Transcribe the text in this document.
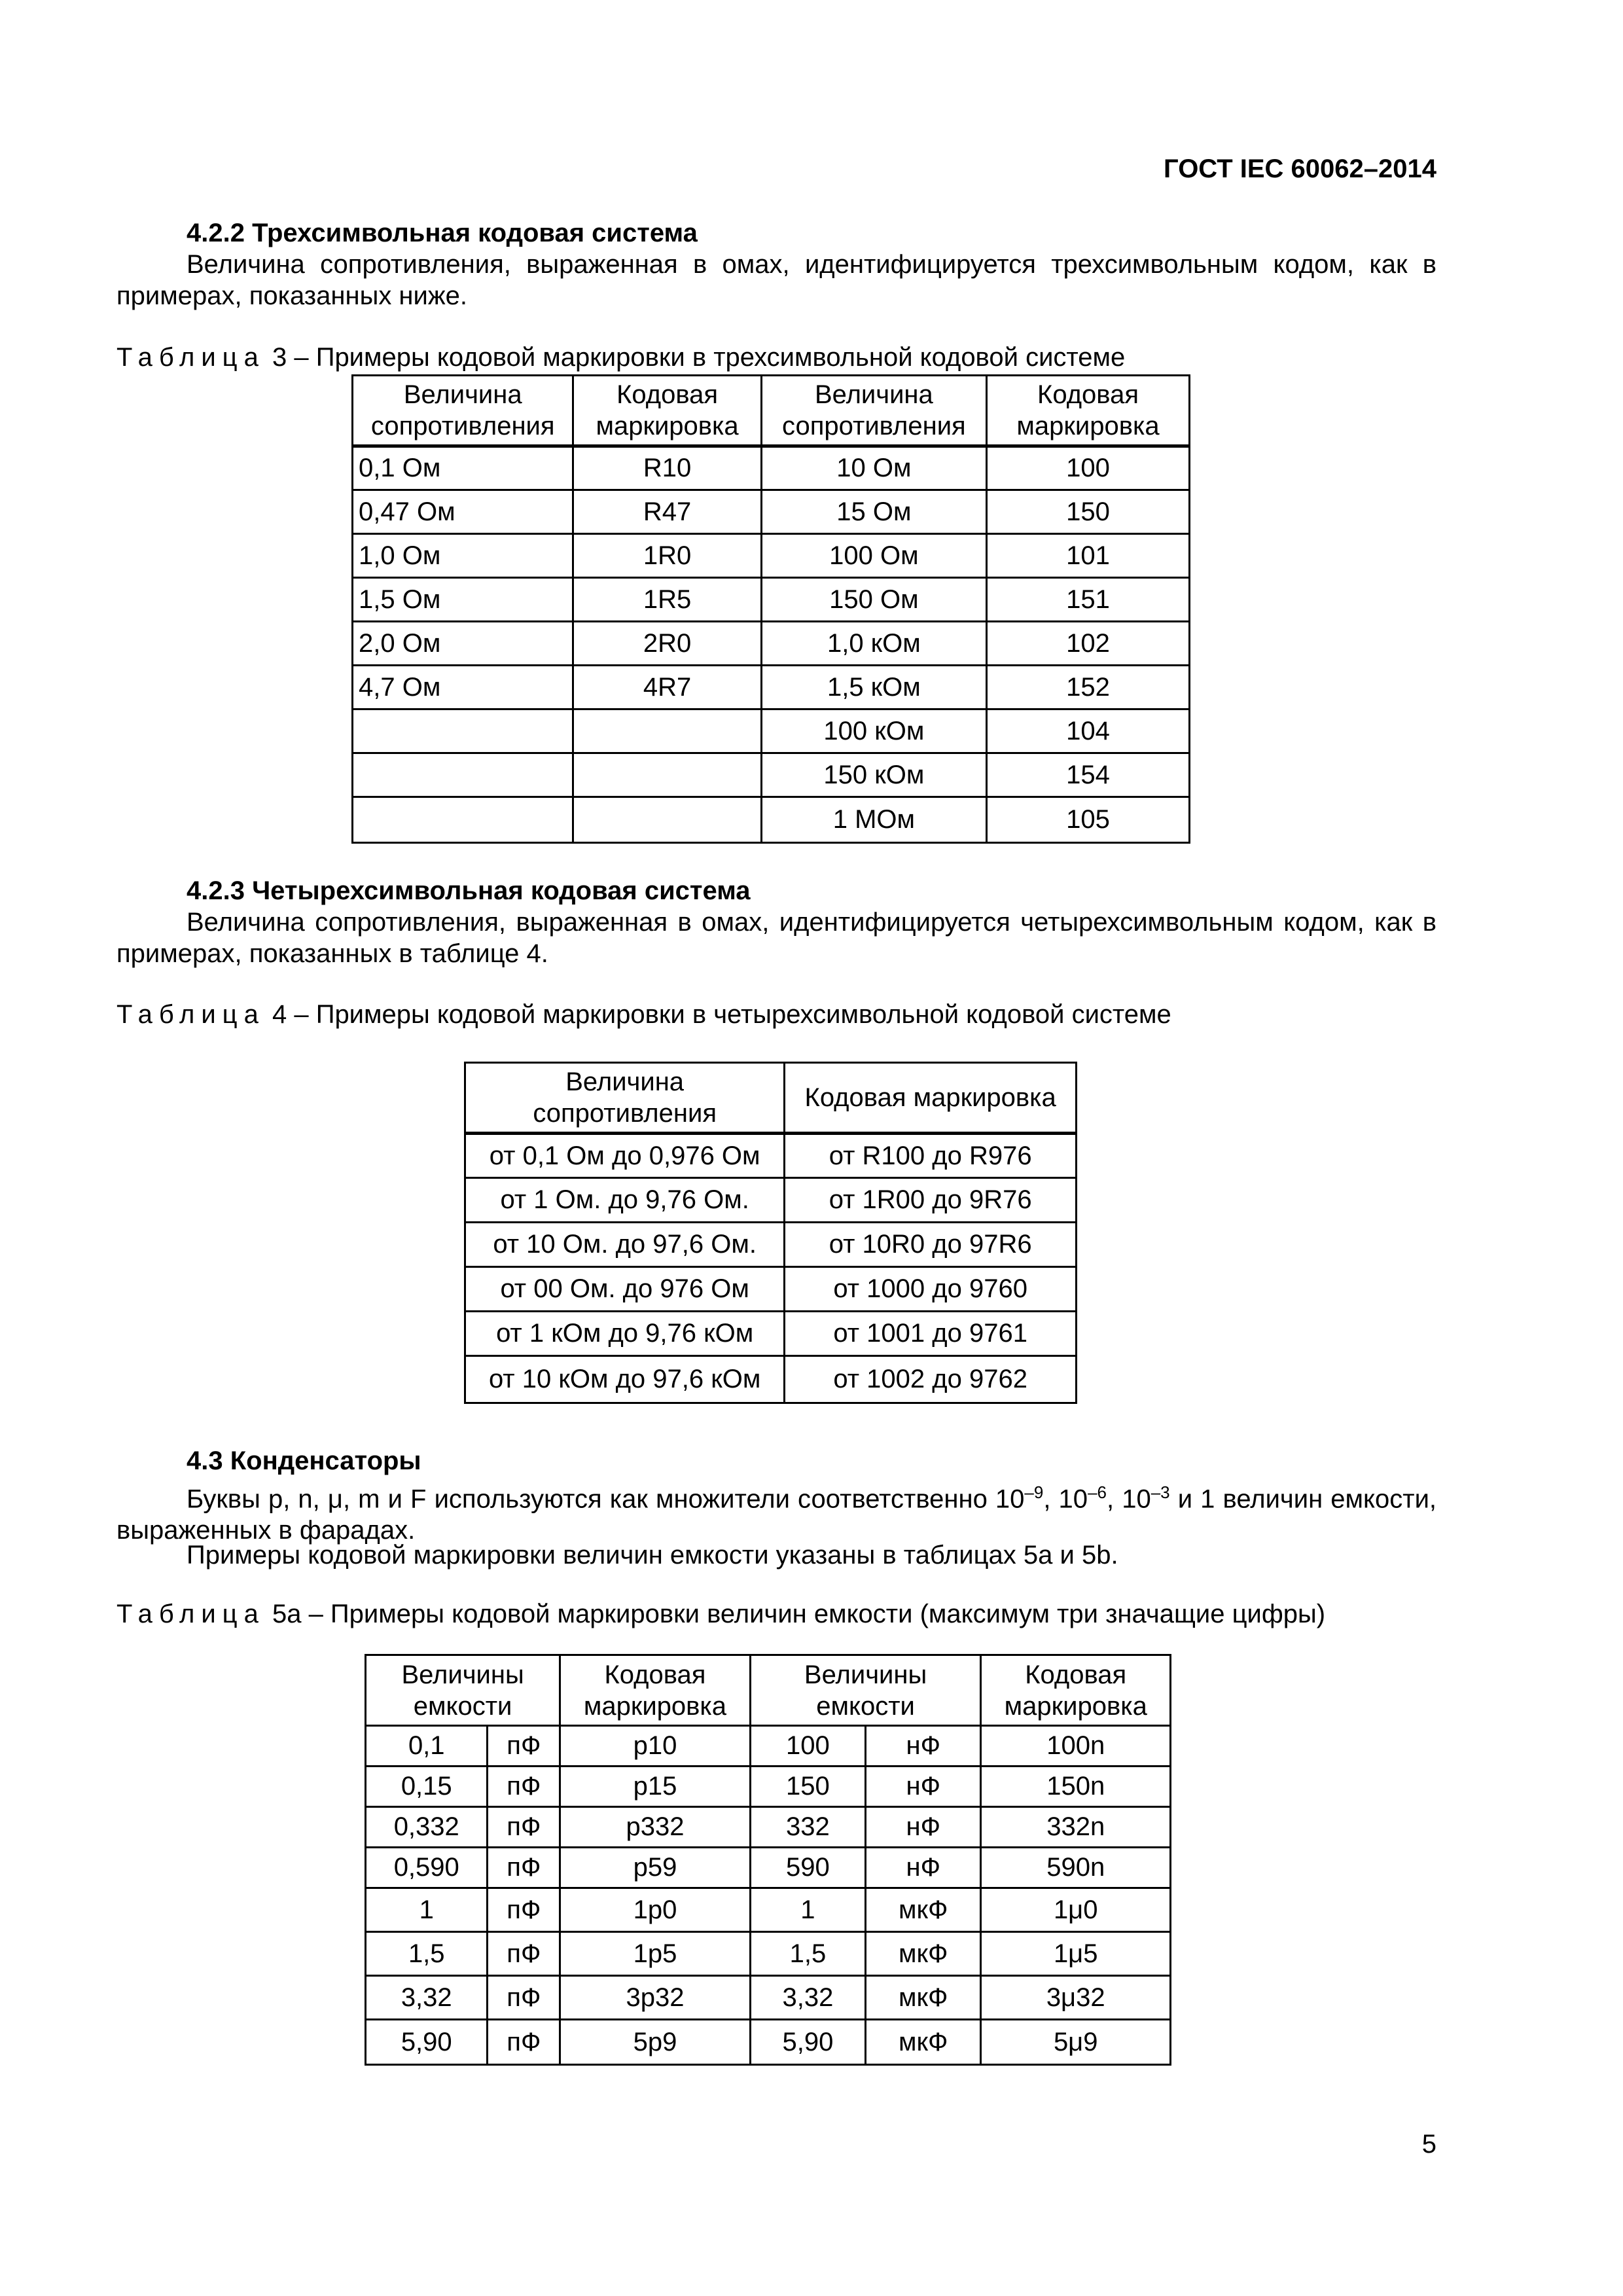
ГОСТ IEC 60062–2014
4.2.2 Трехсимвольная кодовая система
Величина сопротивления, выраженная в омах, идентифицируется трехсимвольным кодом, как в примерах, показанных ниже.
Таблица 3 – Примеры кодовой маркировки в трехсимвольной кодовой системе
Величина сопротивления	Кодовая маркировка	Величина сопротивления	Кодовая маркировка
0,1 Ом	R10	10 Ом	100
0,47 Ом	R47	15 Ом	150
1,0 Ом	1R0	100 Ом	101
1,5 Ом	1R5	150 Ом	151
2,0 Ом	2R0	1,0 кОм	102
4,7 Ом	4R7	1,5 кОм	152
		100 кОм	104
		150 кОм	154
		1 МОм	105
4.2.3 Четырехсимвольная кодовая система
Величина сопротивления, выраженная в омах, идентифицируется четырехсимвольным кодом, как в примерах, показанных в таблице 4.
Таблица 4 – Примеры кодовой маркировки в четырехсимвольной кодовой системе
Величина сопротивления	Кодовая маркировка
от 0,1 Ом до 0,976 Ом	от R100 до R976
от 1 Ом. до 9,76 Ом.	от 1R00 до 9R76
от 10 Ом. до 97,6 Ом.	от 10R0 до 97R6
от 00 Ом. до 976 Ом	от 1000 до 9760
от 1 кОм до 9,76 кОм	от 1001 до 9761
от 10 кОм до 97,6 кОм	от 1002 до 9762
4.3 Конденсаторы
Буквы p, n, μ, m и F используются как множители соответственно $10^{-9}$, $10^{-6}$, $10^{-3}$ и 1 величин емкости, выраженных в фарадах.
Примеры кодовой маркировки величин емкости указаны в таблицах 5а и 5b.
Таблица 5а – Примеры кодовой маркировки величин емкости (максимум три значащие цифры)
Величины емкости		Кодовая маркировка	Величины емкости		Кодовая маркировка
0,1	пФ	p10	100	нФ	100n
0,15	пФ	p15	150	нФ	150n
0,332	пФ	p332	332	нФ	332n
0,590	пФ	p59	590	нФ	590n
1	пФ	1p0	1	мкФ	1μ0
1,5	пФ	1p5	1,5	мкФ	1μ5
3,32	пФ	3p32	3,32	мкФ	3μ32
5,90	пФ	5p9	5,90	мкФ	5μ9
5
